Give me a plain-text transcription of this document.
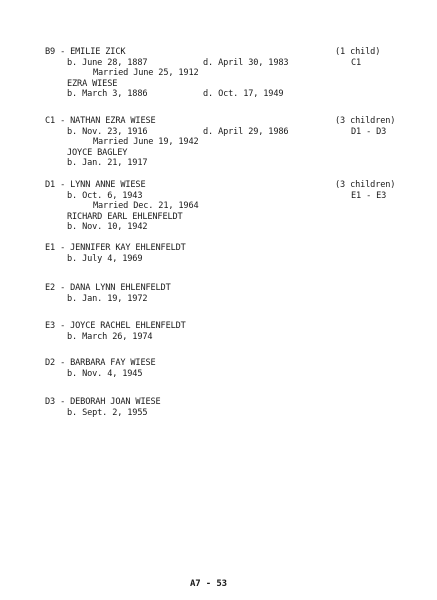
B9 - EMILIE ZICK	(1 child)
b. June 28, 1887	d. April 30, 1983	C1
Married June 25, 1912
EZRA WIESE
b. March 3, 1886	d. Oct. 17, 1949
C1 - NATHAN EZRA WIESE	(3 children)
b. Nov. 23, 1916	d. April 29, 1986	D1 - D3
Married June 19, 1942
JOYCE BAGLEY
b. Jan. 21, 1917
D1 - LYNN ANNE WIESE	(3 children)
b. Oct. 6, 1943	E1 - E3
Married Dec. 21, 1964
RICHARD EARL EHLENFELDT
b. Nov. 10, 1942
E1 - JENNIFER KAY EHLENFELDT
b. July 4, 1969
E2 - DANA LYNN EHLENFELDT
b. Jan. 19, 1972
E3 - JOYCE RACHEL EHLENFELDT
b. March 26, 1974
D2 - BARBARA FAY WIESE
b. Nov. 4, 1945
D3 - DEBORAH JOAN WIESE
b. Sept. 2, 1955
A7 - 53
